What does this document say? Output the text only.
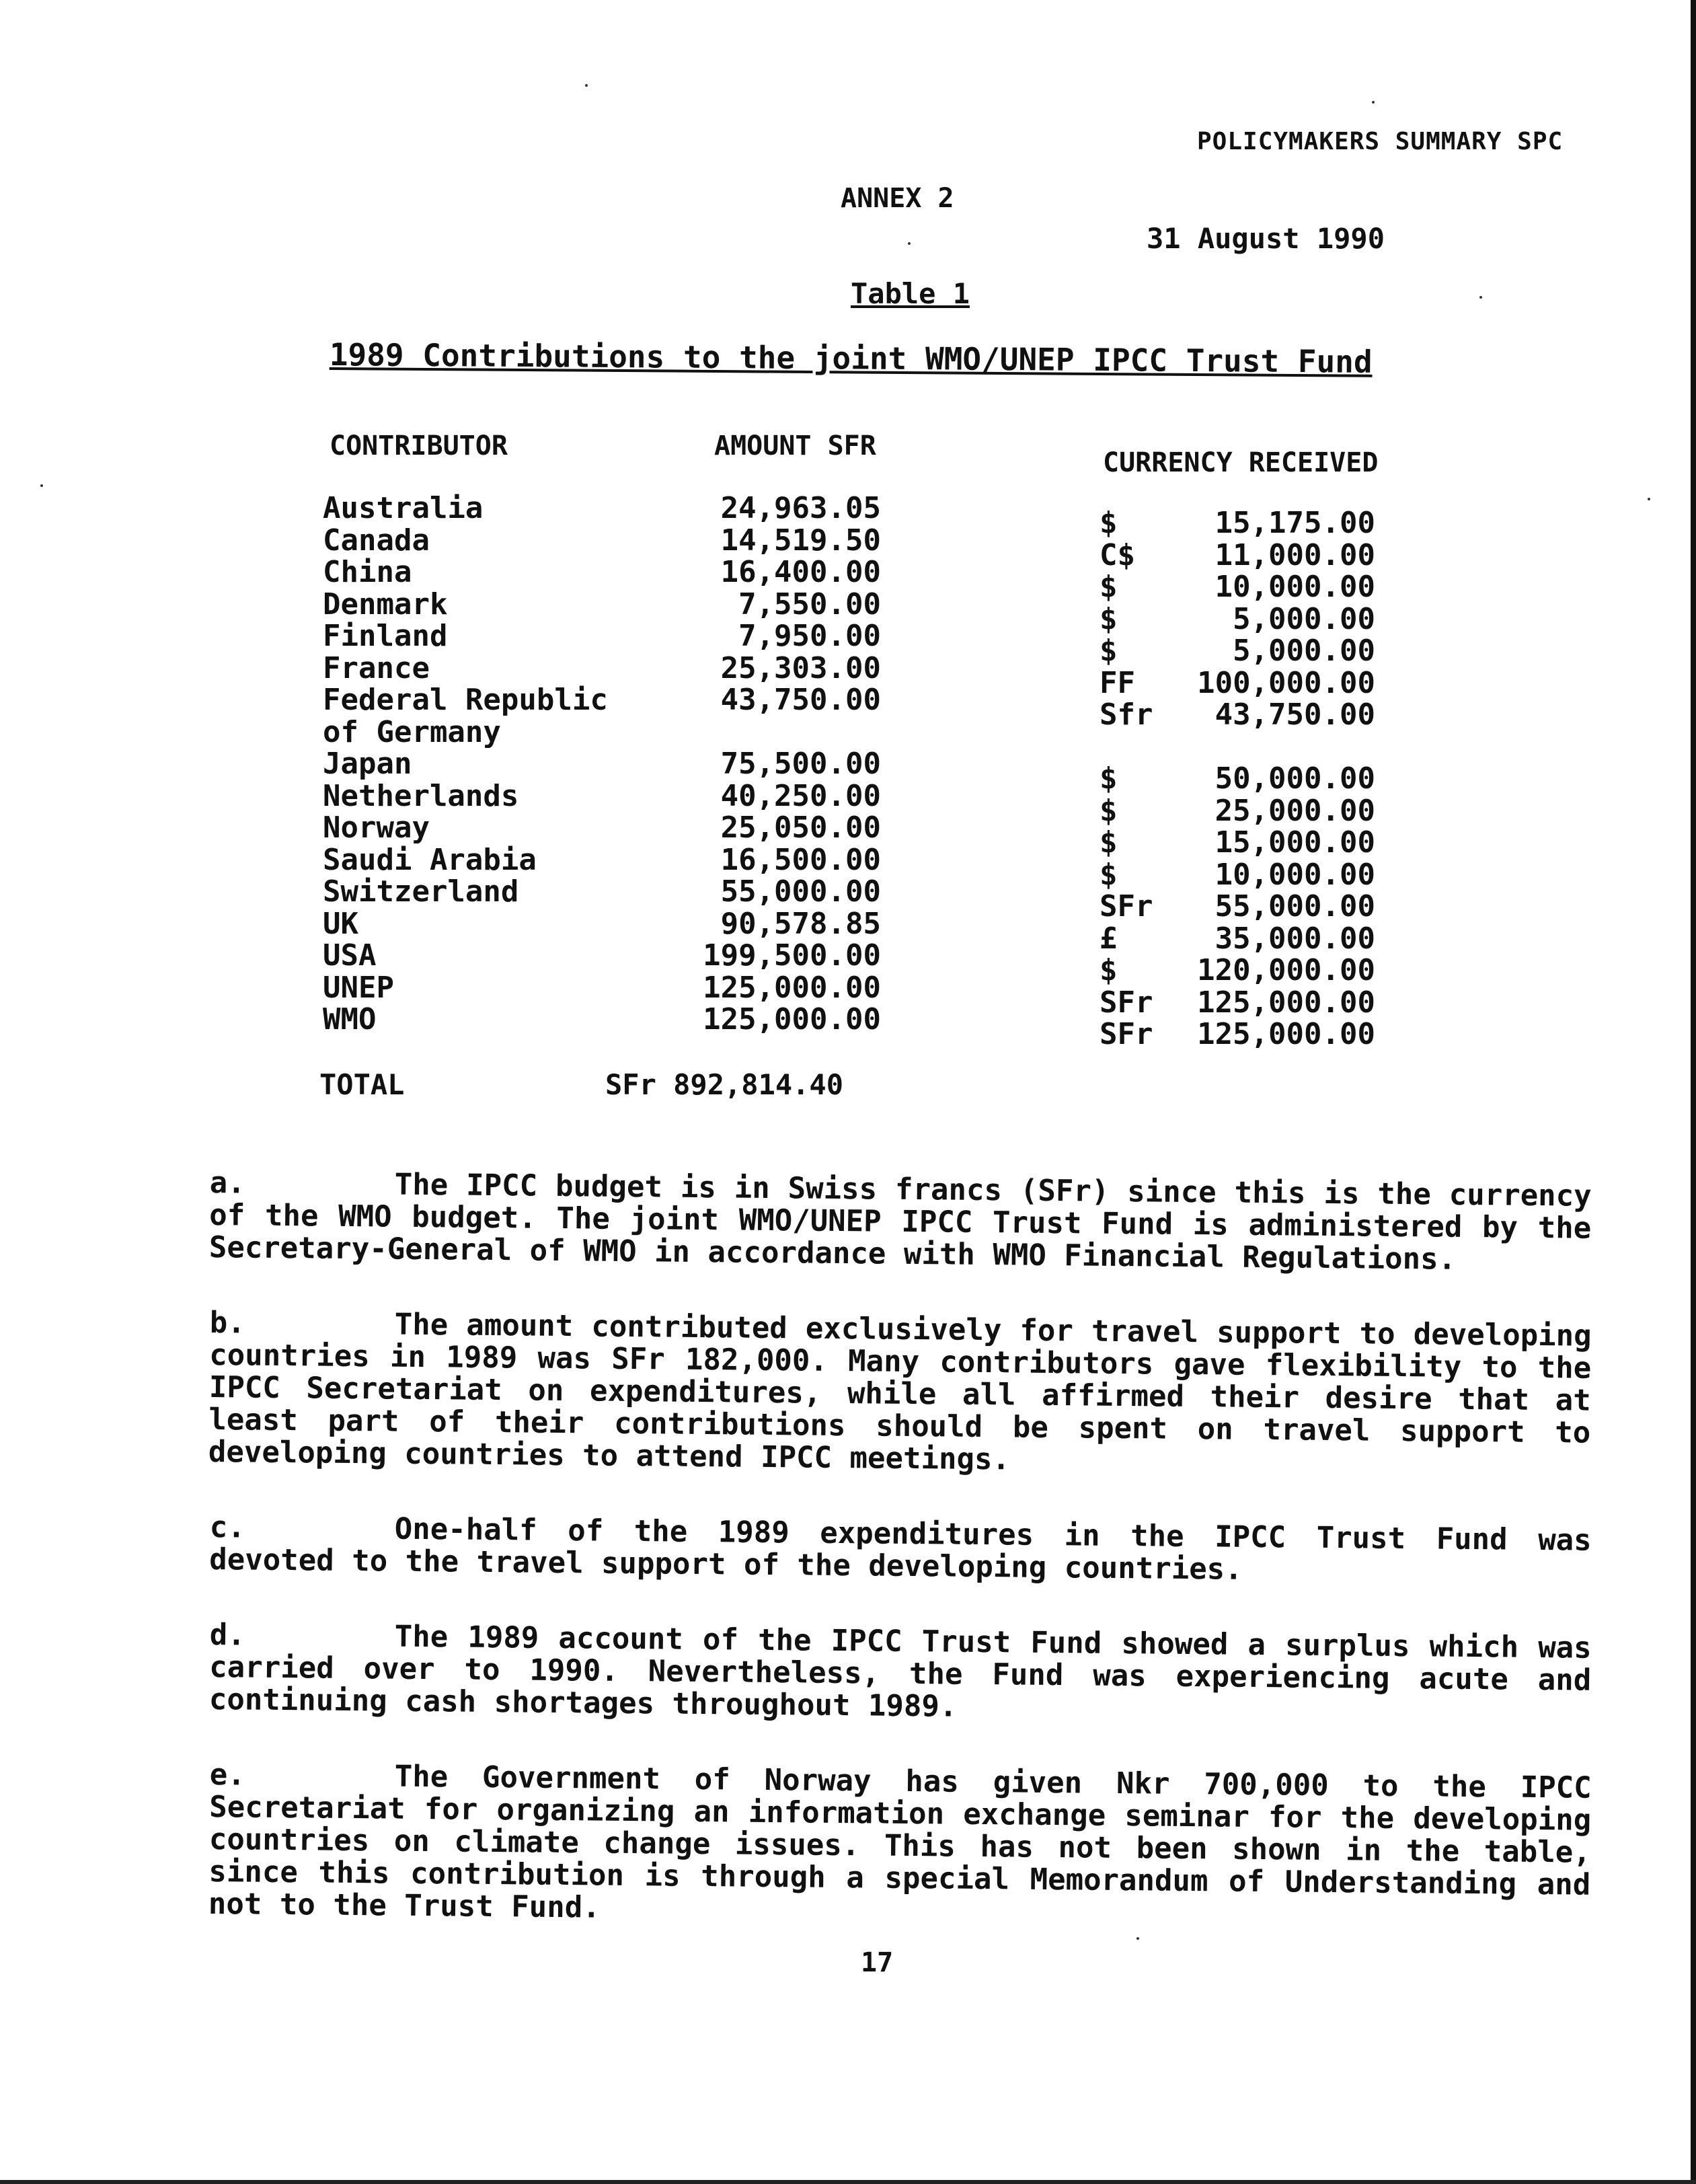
POLICYMAKERS SUMMARY SPC
ANNEX 2
31 August 1990
Table 1
1989 Contributions to the joint WMO/UNEP IPCC Trust Fund
CONTRIBUTOR	AMOUNT SFR
CURRENCY RECEIVED
Australia	24,963.05	$	15,175.00
Canada	14,519.50	C$	11,000.00
China	16,400.00	$	10,000.00
Denmark	7,550.00	$	5,000.00
Finland	7,950.00	$	5,000.00
France	25,303.00	FF	100,000.00
Federal Republic	43,750.00	Sfr	43,750.00
of Germany
Japan	75,500.00	$	50,000.00
Netherlands	40,250.00	$	25,000.00
Norway	25,050.00	$	15,000.00
Saudi Arabia	16,500.00	$	10,000.00
Switzerland	55,000.00	SFr	55,000.00
UK	90,578.85	£	35,000.00
USA	199,500.00	$	120,000.00
UNEP	125,000.00	SFr	125,000.00
WMO	125,000.00	SFr	125,000.00
TOTAL	SFr 892,814.40
a.	The IPCC budget is in Swiss francs (SFr) since this is the currency of the WMO budget. The joint WMO/UNEP IPCC Trust Fund is administered by the Secretary-General of WMO in accordance with WMO Financial Regulations.
b.	The amount contributed exclusively for travel support to developing countries in 1989 was SFr 182,000. Many contributors gave flexibility to the IPCC Secretariat on expenditures, while all affirmed their desire that at least part of their contributions should be spent on travel support to developing countries to attend IPCC meetings.
c.	One-half of the 1989 expenditures in the IPCC Trust Fund was devoted to the travel support of the developing countries.
d.	The 1989 account of the IPCC Trust Fund showed a surplus which was carried over to 1990. Nevertheless, the Fund was experiencing acute and continuing cash shortages throughout 1989.
e.	The Government of Norway has given Nkr 700,000 to the IPCC Secretariat for organizing an information exchange seminar for the developing countries on climate change issues. This has not been shown in the table, since this contribution is through a special Memorandum of Understanding and not to the Trust Fund.
17
